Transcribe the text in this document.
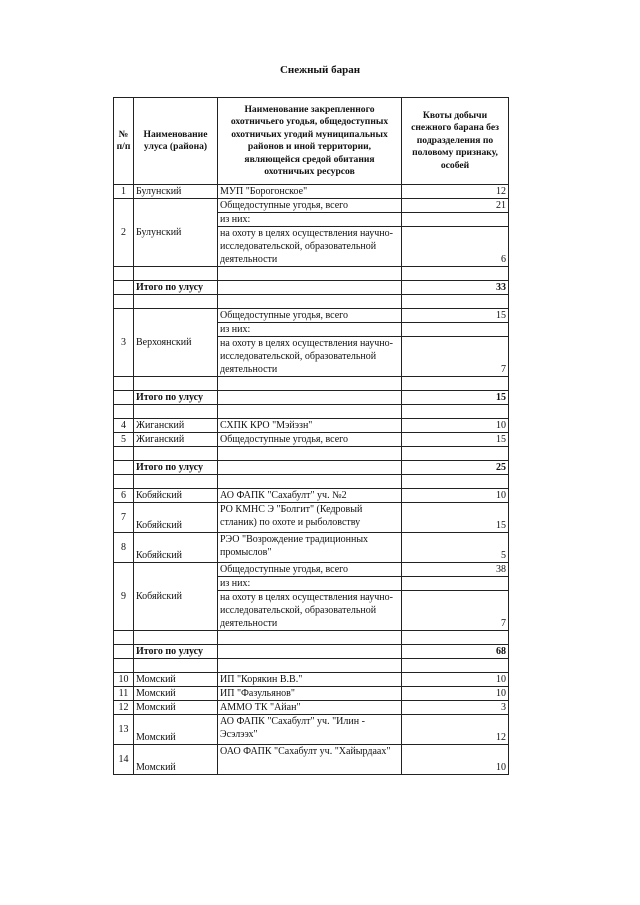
Снежный баран
№ п/п	Наименование улуса (района)	Наименование закрепленного охотничьего угодья, общедоступных охотничьих угодий муниципальных районов и иной территории, являющейся средой обитания охотничьих ресурсов	Квоты добычи снежного барана без подразделения по половому признаку, особей
1	Булунский	МУП "Борогонское"	12
2	Булунский	Общедоступные угодья, всего	21
		из них:	
		на охоту в целях осуществления научно-исследовательской, образовательной деятельности	6

	Итого по улусу		33

3	Верхоянский	Общедоступные угодья, всего	15
		из них:	
		на охоту в целях осуществления научно-исследовательской, образовательной деятельности	7

	Итого по улусу		15

4	Жиганский	СХПК КРО "Мэйэзн"	10
5	Жиганский	Общедоступные угодья, всего	15

	Итого по улусу		25

6	Кобяйский	АО ФАПК "Сахабулт" уч. №2	10
7	Кобяйский	РО КМНС Э "Болгит" (Кедровый стланик) по охоте и рыболовству	15
8	Кобяйский	РЭО "Возрождение традиционных промыслов"	5
9	Кобяйский	Общедоступные угодья, всего	38
		из них:	
		на охоту в целях осуществления научно-исследовательской, образовательной деятельности	7

	Итого по улусу		68

10	Момский	ИП "Корякин В.В."	10
11	Момский	ИП "Фазульянов"	10
12	Момский	АММО ТК "Айан"	3
13	Момский	АО ФАПК "Сахабулт" уч. "Илин - Эсэлээх"	12
14	Момский	ОАО ФАПК "Сахабулт уч. "Хайырдаах"	10
